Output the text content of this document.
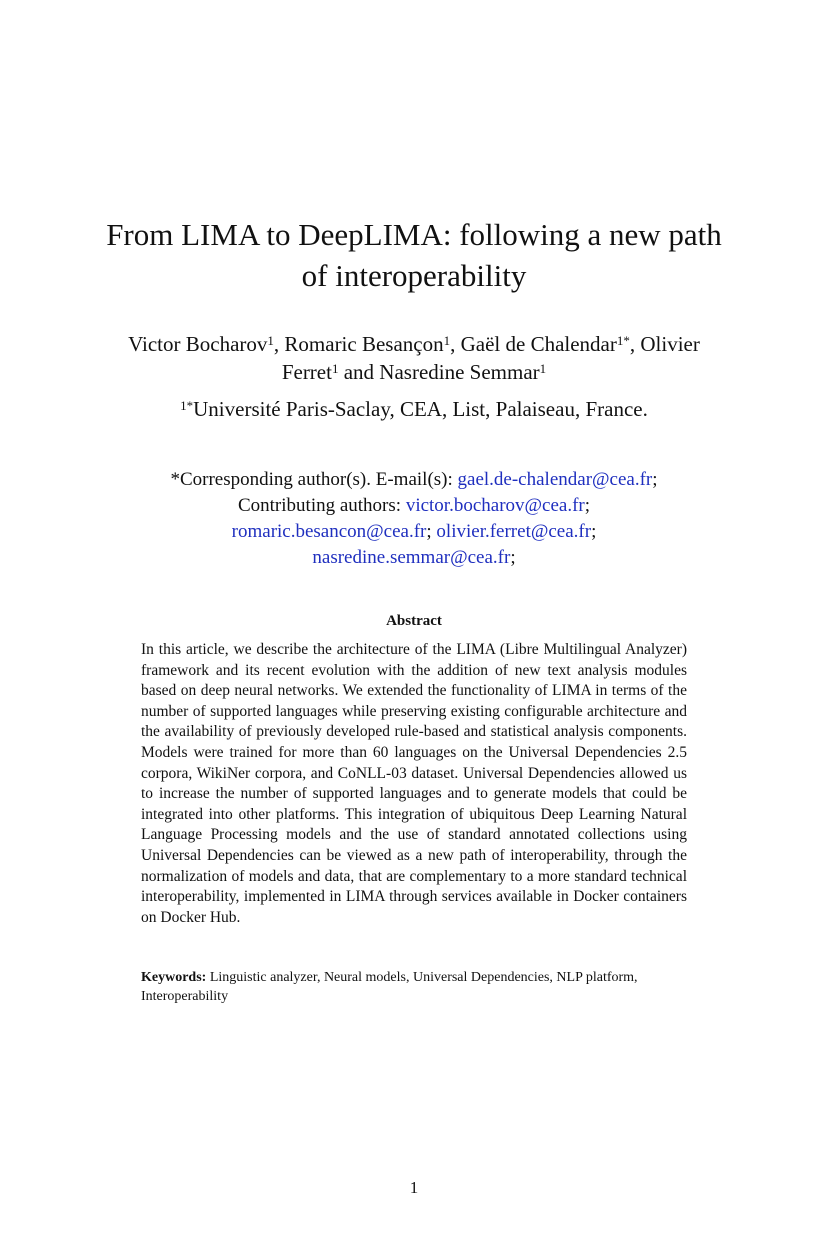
From LIMA to DeepLIMA: following a new path of interoperability
Victor Bocharov$^1$, Romaric Besançon$^1$, Gaël de Chalendar$^{1*}$, Olivier Ferret$^1$ and Nasredine Semmar$^1$
$^{1*}$Université Paris-Saclay, CEA, List, Palaiseau, France.
*Corresponding author(s). E-mail(s): gael.de-chalendar@cea.fr;
Contributing authors: victor.bocharov@cea.fr;
romaric.besancon@cea.fr; olivier.ferret@cea.fr;
nasredine.semmar@cea.fr;
Abstract

In this article, we describe the architecture of the LIMA (Libre Multilingual Analyzer) framework and its recent evolution with the addition of new text analysis modules based on deep neural networks. We extended the functionality of LIMA in terms of the number of supported languages while preserving existing configurable architecture and the availability of previously developed rule-based and statistical analysis components. Models were trained for more than 60 languages on the Universal Dependencies 2.5 corpora, WikiNer corpora, and CoNLL-03 dataset. Universal Dependencies allowed us to increase the number of supported languages and to generate models that could be integrated into other platforms. This integration of ubiquitous Deep Learning Natural Language Processing models and the use of standard annotated collections using Universal Dependencies can be viewed as a new path of interoperability, through the normalization of models and data, that are complementary to a more standard technical interoperability, implemented in LIMA through services available in Docker containers on Docker Hub.

Keywords: Linguistic analyzer, Neural models, Universal Dependencies, NLP platform, Interoperability
1
